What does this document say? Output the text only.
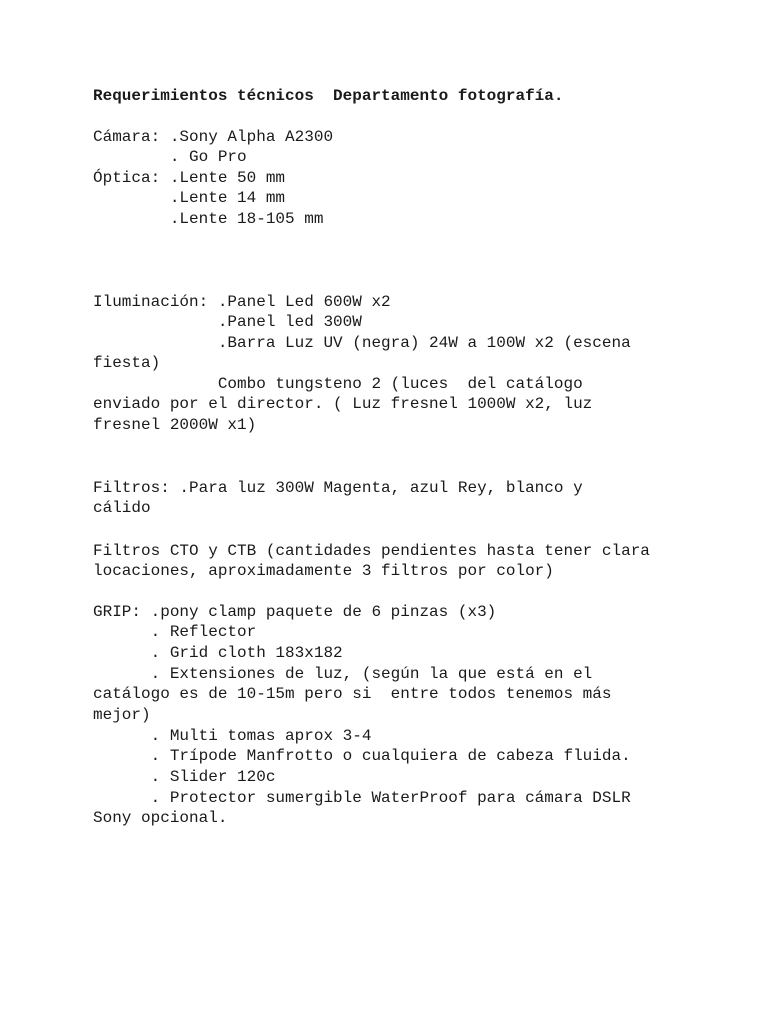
Requerimientos técnicos  Departamento fotografía.

Cámara: .Sony Alpha A2300

. Go Pro

Óptica: .Lente 50 mm

.Lente 14 mm

.Lente 18-105 mm

Iluminación: .Panel Led 600W x2

.Panel led 300W

.Barra Luz UV (negra) 24W a 100W x2 (escena

fiesta)

Combo tungsteno 2 (luces  del catálogo

enviado por el director. ( Luz fresnel 1000W x2, luz

fresnel 2000W x1)

Filtros: .Para luz 300W Magenta, azul Rey, blanco y

cálido

Filtros CTO y CTB (cantidades pendientes hasta tener clara

locaciones, aproximadamente 3 filtros por color)

GRIP: .pony clamp paquete de 6 pinzas (x3)

. Reflector

. Grid cloth 183x182

. Extensiones de luz, (según la que está en el

catálogo es de 10-15m pero si  entre todos tenemos más

mejor)

. Multi tomas aprox 3-4

. Trípode Manfrotto o cualquiera de cabeza fluida.

. Slider 120c

. Protector sumergible WaterProof para cámara DSLR

Sony opcional.
